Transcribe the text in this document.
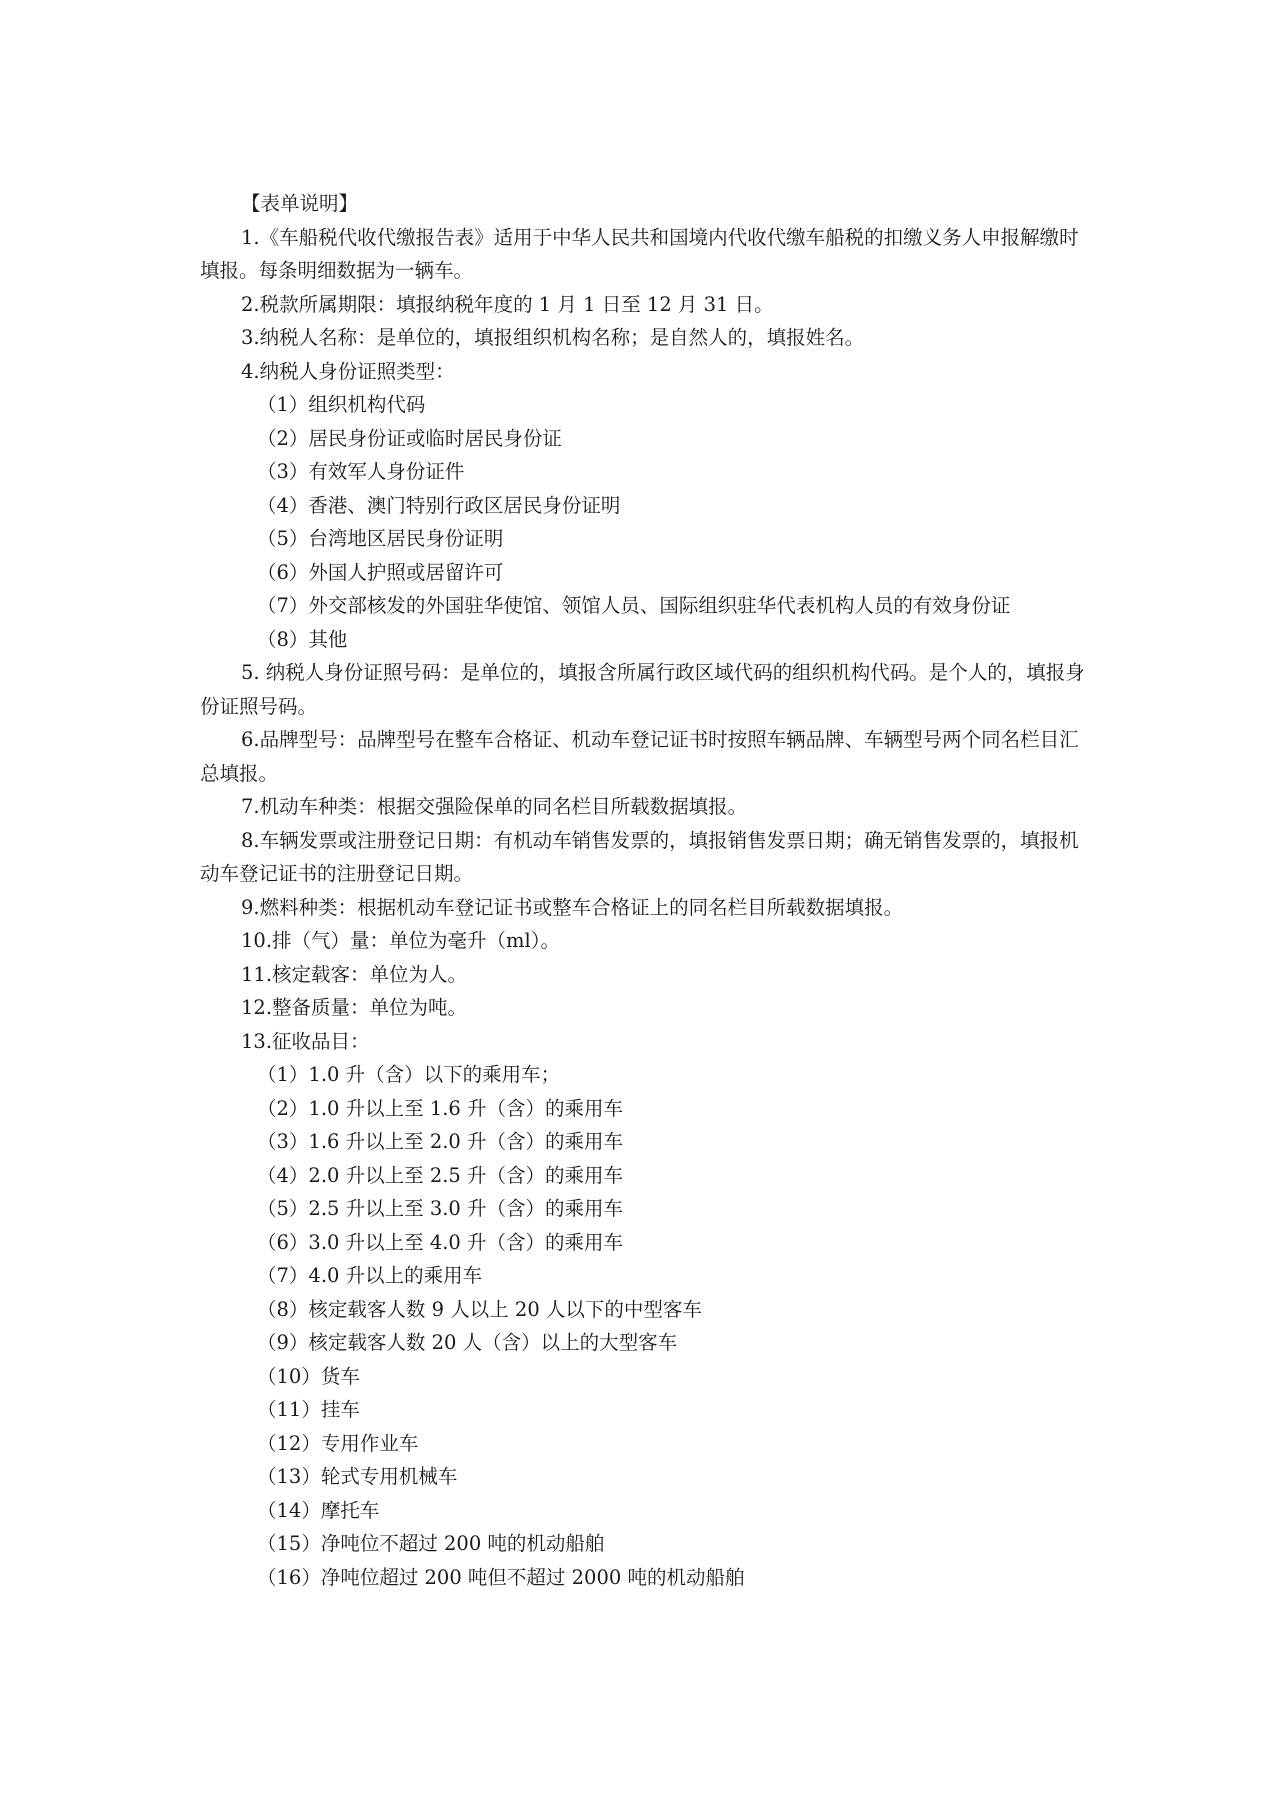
【表单说明】

1.《车船税代收代缴报告表》适用于中华人民共和国境内代收代缴车船税的扣缴义务人申报解缴时填报。每条明细数据为一辆车。

2.税款所属期限：填报纳税年度的 1 月 1 日至 12 月 31 日。

3.纳税人名称：是单位的，填报组织机构名称；是自然人的，填报姓名。

4.纳税人身份证照类型：

（1）组织机构代码

（2）居民身份证或临时居民身份证

（3）有效军人身份证件

（4）香港、澳门特别行政区居民身份证明

（5）台湾地区居民身份证明

（6）外国人护照或居留许可

（7）外交部核发的外国驻华使馆、领馆人员、国际组织驻华代表机构人员的有效身份证

（8）其他

5. 纳税人身份证照号码：是单位的，填报含所属行政区域代码的组织机构代码。是个人的，填报身份证照号码。

6.品牌型号：品牌型号在整车合格证、机动车登记证书时按照车辆品牌、车辆型号两个同名栏目汇总填报。

7.机动车种类：根据交强险保单的同名栏目所载数据填报。

8.车辆发票或注册登记日期：有机动车销售发票的，填报销售发票日期；确无销售发票的，填报机动车登记证书的注册登记日期。

9.燃料种类：根据机动车登记证书或整车合格证上的同名栏目所载数据填报。

10.排（气）量：单位为毫升（ml）。

11.核定载客：单位为人。

12.整备质量：单位为吨。

13.征收品目：

（1）1.0 升（含）以下的乘用车；

（2）1.0 升以上至 1.6 升（含）的乘用车

（3）1.6 升以上至 2.0 升（含）的乘用车

（4）2.0 升以上至 2.5 升（含）的乘用车

（5）2.5 升以上至 3.0 升（含）的乘用车

（6）3.0 升以上至 4.0 升（含）的乘用车

（7）4.0 升以上的乘用车

（8）核定载客人数 9 人以上 20 人以下的中型客车

（9）核定载客人数 20 人（含）以上的大型客车

（10）货车

（11）挂车

（12）专用作业车

（13）轮式专用机械车

（14）摩托车

（15）净吨位不超过 200 吨的机动船舶

（16）净吨位超过 200 吨但不超过 2000 吨的机动船舶
